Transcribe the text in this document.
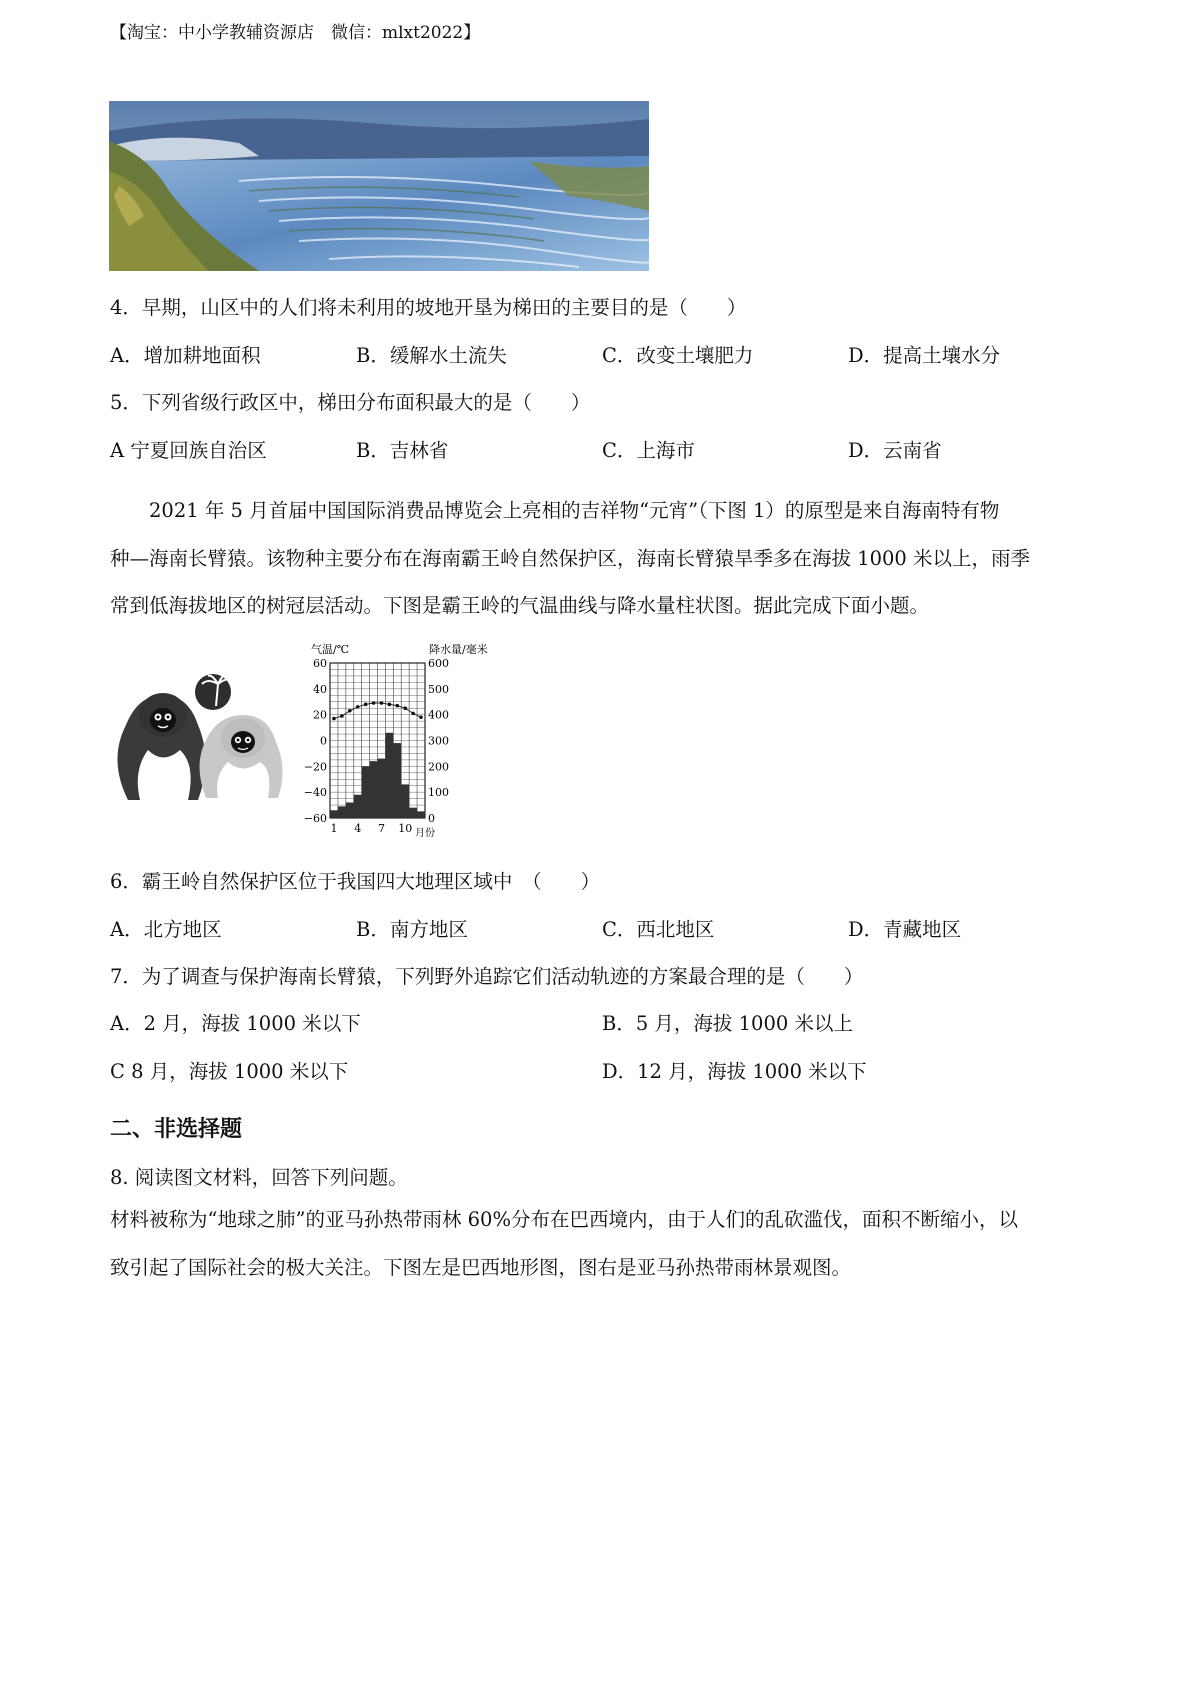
【淘宝：中小学教辅资源店　微信：mlxt2022】
4．早期，山区中的人们将未利用的坡地开垦为梯田的主要目的是（　　）
A．增加耕地面积	B．缓解水土流失	C．改变土壤肥力	D．提高土壤水分
5．下列省级行政区中，梯田分布面积最大的是（　　）
A 宁夏回族自治区	B．吉林省	C．上海市	D．云南省

　　2021 年 5 月首届中国国际消费品博览会上亮相的吉祥物“元宵”（下图 1）的原型是来自海南特有物

种—海南长臂猿。该物种主要分布在海南霸王岭自然保护区，海南长臂猿旱季多在海拔 1000 米以上，雨季

常到低海拔地区的树冠层活动。下图是霸王岭的气温曲线与降水量柱状图。据此完成下面小题。

气温/℃	降水量/毫米
60
40
20
0
−20
−40
−60
600
500
400
300
200
100
0
1 4 7 10 月份
6．霸王岭自然保护区位于我国四大地理区域中　（　　）
A．北方地区	B．南方地区	C．西北地区	D．青藏地区
7．为了调查与保护海南长臂猿，下列野外追踪它们活动轨迹的方案最合理的是（　　）
A．2 月，海拔 1000 米以下	B．5 月，海拔 1000 米以上
C 8 月，海拔 1000 米以下	D．12 月，海拔 1000 米以下
二、非选择题
8. 阅读图文材料，回答下列问题。

材料被称为“地球之肺”的亚马孙热带雨林 60%分布在巴西境内，由于人们的乱砍滥伐，面积不断缩小，以

致引起了国际社会的极大关注。下图左是巴西地形图，图右是亚马孙热带雨林景观图。
